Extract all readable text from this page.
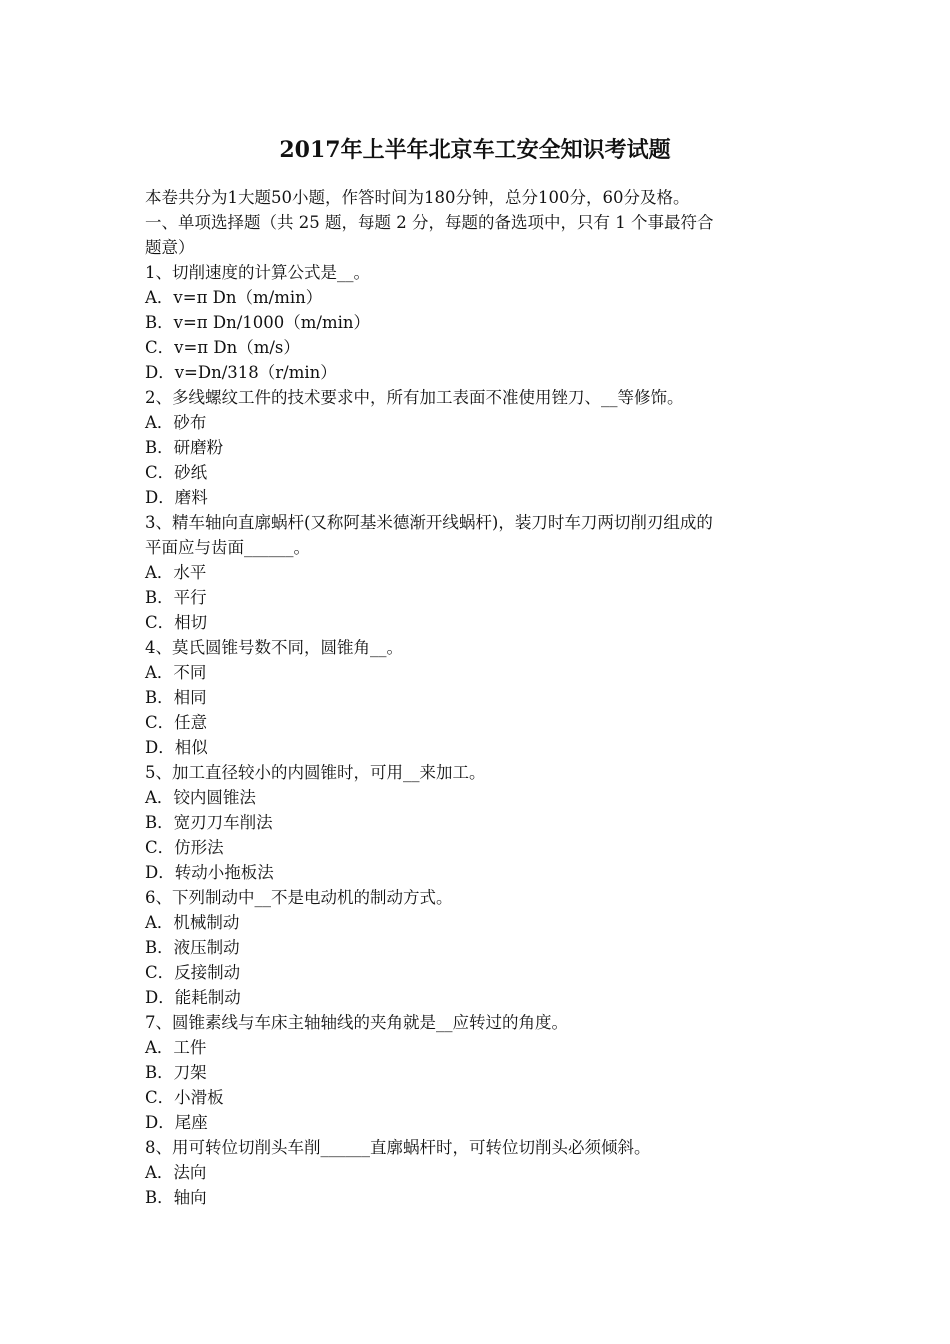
2017年上半年北京车工安全知识考试题
本卷共分为1大题50小题，作答时间为180分钟，总分100分，60分及格。
一、单项选择题（共 25 题，每题 2 分，每题的备选项中，只有 1 个事最符合
题意）
1、切削速度的计算公式是__。
A．v=π Dn（m/min）
B．v=π Dn/1000（m/min）
C．v=π Dn（m/s）
D．v=Dn/318（r/min）
2、多线螺纹工件的技术要求中，所有加工表面不准使用锉刀、__等修饰。
A．砂布
B．研磨粉
C．砂纸
D．磨料
3、精车轴向直廓蜗杆(又称阿基米德渐开线蜗杆)，装刀时车刀两切削刃组成的
平面应与齿面______。
A．水平
B．平行
C．相切
4、莫氏圆锥号数不同，圆锥角__。
A．不同
B．相同
C．任意
D．相似
5、加工直径较小的内圆锥时，可用__来加工。
A．铰内圆锥法
B．宽刃刀车削法
C．仿形法
D．转动小拖板法
6、下列制动中__不是电动机的制动方式。
A．机械制动
B．液压制动
C．反接制动
D．能耗制动
7、圆锥素线与车床主轴轴线的夹角就是__应转过的角度。
A．工件
B．刀架
C．小滑板
D．尾座
8、用可转位切削头车削______直廓蜗杆时，可转位切削头必须倾斜。
A．法向
B．轴向
